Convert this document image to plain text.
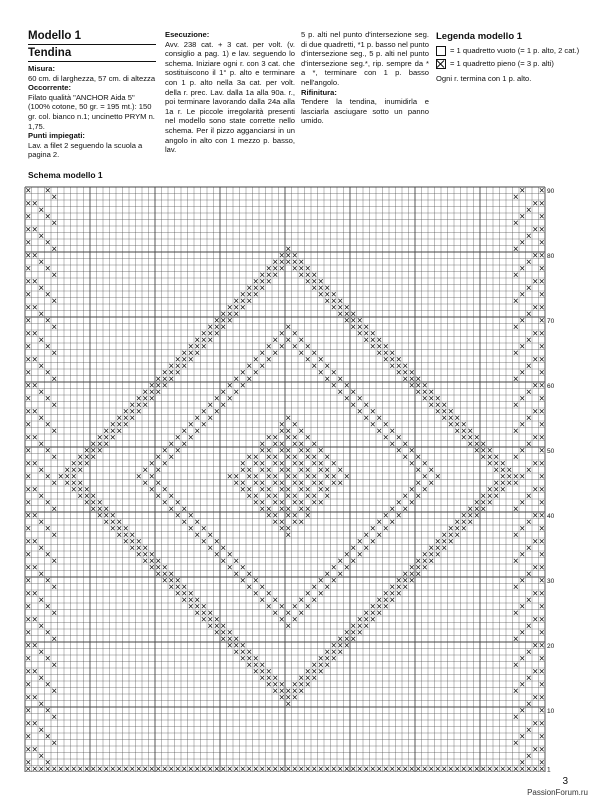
Modello 1

Tendina

Misura:

60 cm. di larghezza, 57 cm. di altezza

Occorrente:

Filato qualità "ANCHOR Aida 5" (100% cotone, 50 gr. = 195 mt.): 150 gr. col. bianco n.1; uncinetto PRYM n. 1,75.

Punti impiegati:

Lav. a filet 2 seguendo la scuola a pagina 2.

Esecuzione:

Avv. 238 cat. + 3 cat. per volt. (v. consiglio a pag. 1) e lav. seguendo lo schema. Iniziare ogni r. con 3 cat. che sostituiscono il 1° p. alto e terminare con 1 p. alto nella 3a cat. per volt. della r. prec. Lav. dalla 1a alla 90a. r., poi terminare lavorando dalla 24a alla 1a r. Le piccole irregolarità presenti nel modello sono state corrette nello schema. Per il pizzo agganciarsi in un angolo in alto con 1 mezzo p. basso, lav.

5 p. alti nel punto d'intersezione seg. di due quadretti, *1 p. basso nel punto d'intersezione seg., 5 p. alti nel punto d'intersezione seg.*, rip. sempre da * a *, terminare con 1 p. basso nell'angolo.

Rifinitura:

Tendere la tendina, inumidirla e lasciarla asciugare sotto un panno umido.

Legenda modello 1

= 1 quadretto vuoto (= 1 p. alto, 2 cat.)
= 1 quadretto pieno (= 3 p. alti)

Ogni r. termina con 1 p. alto.

Schema modello 1
90
80
70
60
50
40
30
20
10
1
3
PassionForum.ru
